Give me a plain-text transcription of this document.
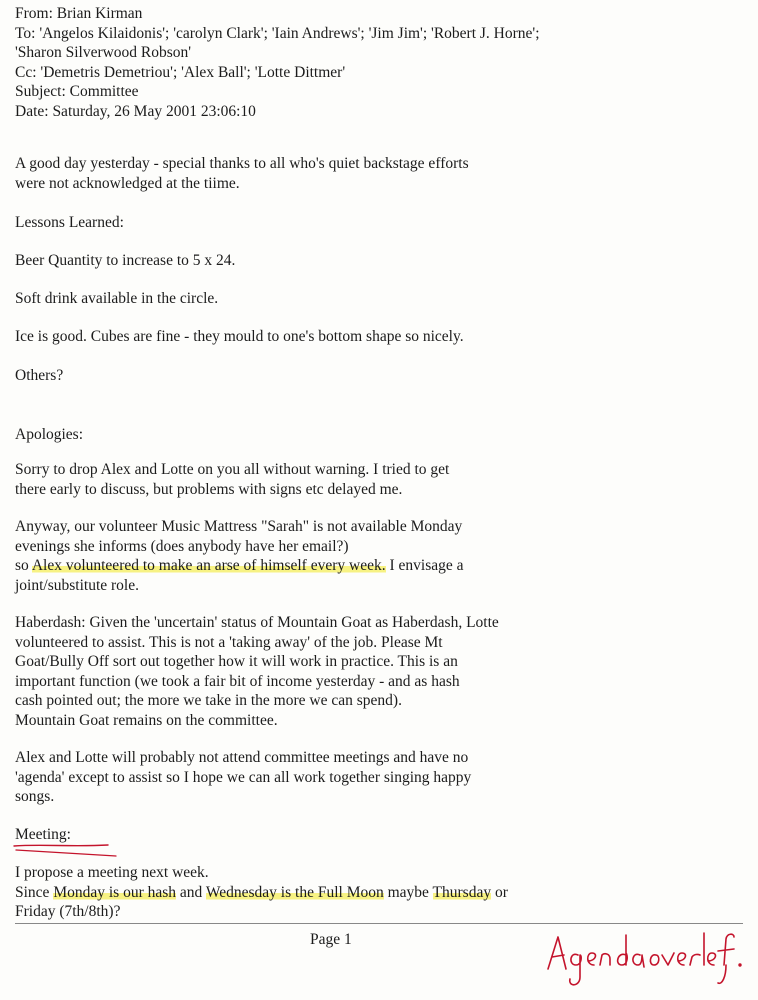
From: Brian Kirman
To: 'Angelos Kilaidonis'; 'carolyn Clark'; 'Iain Andrews'; 'Jim Jim'; 'Robert J. Horne';
'Sharon Silverwood Robson'
Cc: 'Demetris Demetriou'; 'Alex Ball'; 'Lotte Dittmer'
Subject: Committee
Date: Saturday, 26 May 2001 23:06:10
A good day yesterday - special thanks to all who's quiet backstage efforts
were not acknowledged at the tiime.
Lessons Learned:
Beer Quantity to increase to 5 x 24.
Soft drink available in the circle.
Ice is good. Cubes are fine - they mould to one's bottom shape so nicely.
Others?
Apologies:
Sorry to drop Alex and Lotte on you all without warning. I tried to get
there early to discuss, but problems with signs etc delayed me.
Anyway, our volunteer Music Mattress "Sarah" is not available Monday
evenings she informs (does anybody have her email?)
so Alex volunteered to make an arse of himself every week. I envisage a
joint/substitute role.
Haberdash: Given the 'uncertain' status of Mountain Goat as Haberdash, Lotte
volunteered to assist. This is not a 'taking away' of the job. Please Mt
Goat/Bully Off sort out together how it will work in practice. This is an
important function (we took a fair bit of income yesterday - and as hash
cash pointed out; the more we take in the more we can spend).
Mountain Goat remains on the committee.
Alex and Lotte will probably not attend committee meetings and have no
'agenda' except to assist so I hope we can all work together singing happy
songs.
Meeting:
I propose a meeting next week.
Since Monday is our hash and Wednesday is the Full Moon maybe Thursday or
Friday (7th/8th)?
Page 1
